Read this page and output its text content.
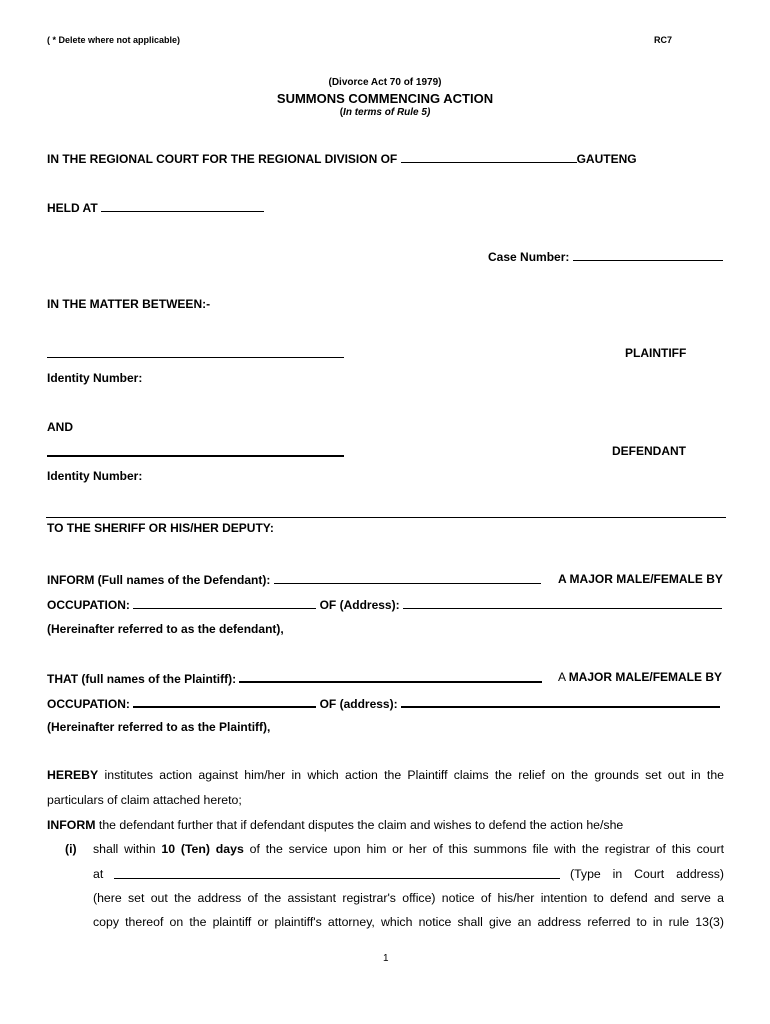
( * Delete where not applicable)	RC7
(Divorce Act 70 of 1979)
SUMMONS COMMENCING ACTION
(In terms of Rule 5)
IN THE REGIONAL COURT FOR THE REGIONAL DIVISION OF	GAUTENG
HELD AT
Case Number:
IN THE MATTER BETWEEN:-
PLAINTIFF
Identity Number:
AND
DEFENDANT
Identity Number:
TO THE SHERIFF OR HIS/HER DEPUTY:
INFORM (Full names of the Defendant):	A MAJOR MALE/FEMALE BY
OCCUPATION:	OF (Address):
(Hereinafter referred to as the defendant),
THAT (full names of the Plaintiff):	A MAJOR MALE/FEMALE BY
OCCUPATION:	OF (address):
(Hereinafter referred to as the Plaintiff),
HEREBY institutes action against him/her in which action the Plaintiff claims the relief on the grounds set out in the
particulars of claim attached hereto;
INFORM the defendant further that if defendant disputes the claim and wishes to defend the action he/she
(i) shall within 10 (Ten) days of the service upon him or her of this summons file with the registrar of this court
at	(Type in Court address)
(here set out the address of the assistant registrar's office) notice of his/her intention to defend and serve a
copy thereof on the plaintiff or plaintiff's attorney, which notice shall give an address referred to in rule 13(3)
1
